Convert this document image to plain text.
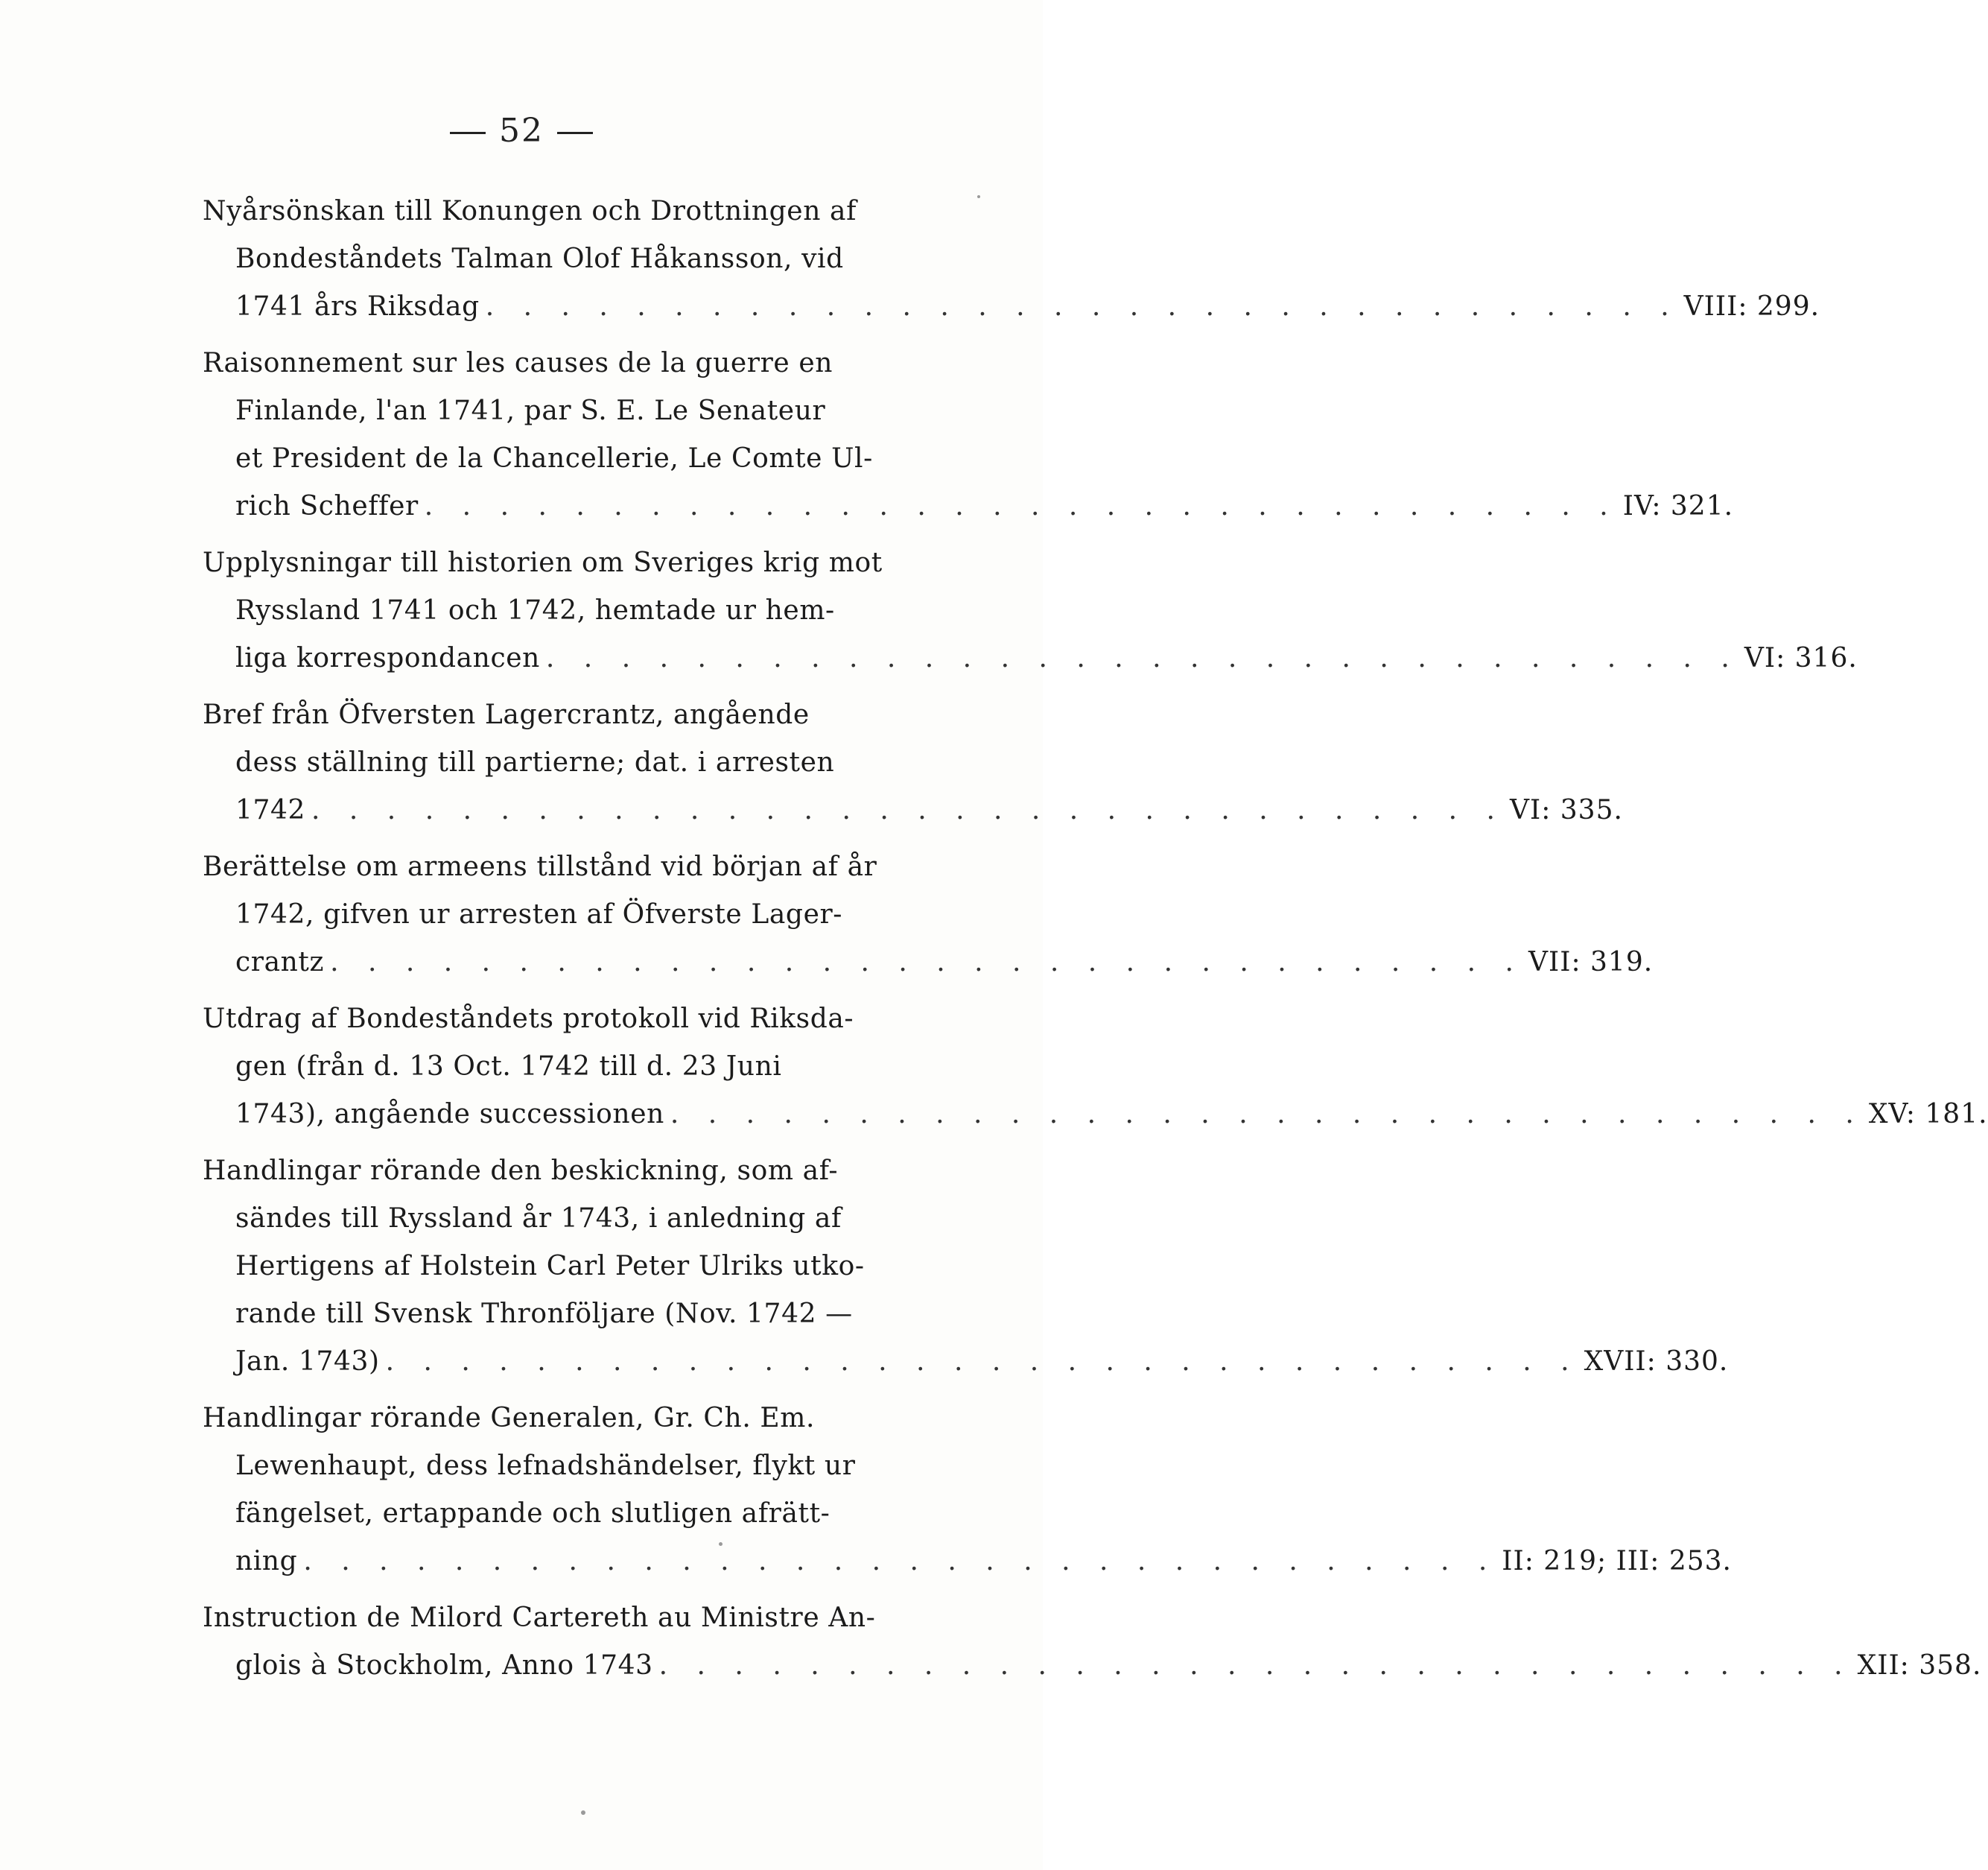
52
Nyårsönskan till Konungen och Drottningen af
Bondeståndets Talman Olof Håkansson, vid
1741 års Riksdag . . . . . . . . . . . . . . . . . . . . . . . . . . . . . . . . VIII: 299.
Raisonnement sur les causes de la guerre en
Finlande, l'an 1741, par S. E. Le Senateur
et President de la Chancellerie, Le Comte Ul-
rich Scheffer . . . . . . . . . . . . . . . . . . . . . . . . . . . . . . . . IV: 321.
Upplysningar till historien om Sveriges krig mot
Ryssland 1741 och 1742, hemtade ur hem-
liga korrespondancen . . . . . . . . . . . . . . . . . . . . . . . . . . . . . . . . VI: 316.
Bref från Öfversten Lagercrantz, angående
dess ställning till partierne; dat. i arresten
1742 . . . . . . . . . . . . . . . . . . . . . . . . . . . . . . . . VI: 335.
Berättelse om armeens tillstånd vid början af år
1742, gifven ur arresten af Öfverste Lager-
crantz . . . . . . . . . . . . . . . . . . . . . . . . . . . . . . . . VII: 319.
Utdrag af Bondeståndets protokoll vid Riksda-
gen (från d. 13 Oct. 1742 till d. 23 Juni
1743), angående successionen . . . . . . . . . . . . . . . . . . . . . . . . . . . . . . . . XV: 181.
Handlingar rörande den beskickning, som af-
sändes till Ryssland år 1743, i anledning af
Hertigens af Holstein Carl Peter Ulriks utko-
rande till Svensk Thronföljare (Nov. 1742 —
Jan. 1743) . . . . . . . . . . . . . . . . . . . . . . . . . . . . . . . . XVII: 330.
Handlingar rörande Generalen, Gr. Ch. Em.
Lewenhaupt, dess lefnadshändelser, flykt ur
fängelset, ertappande och slutligen afrätt-
ning . . . . . . . . . . . . . . . . . . . . . . . . . . . . . . . . II: 219; III: 253.
Instruction de Milord Cartereth au Ministre An-
glois à Stockholm, Anno 1743 . . . . . . . . . . . . . . . . . . . . . . . . . . . . . . . . XII: 358.
